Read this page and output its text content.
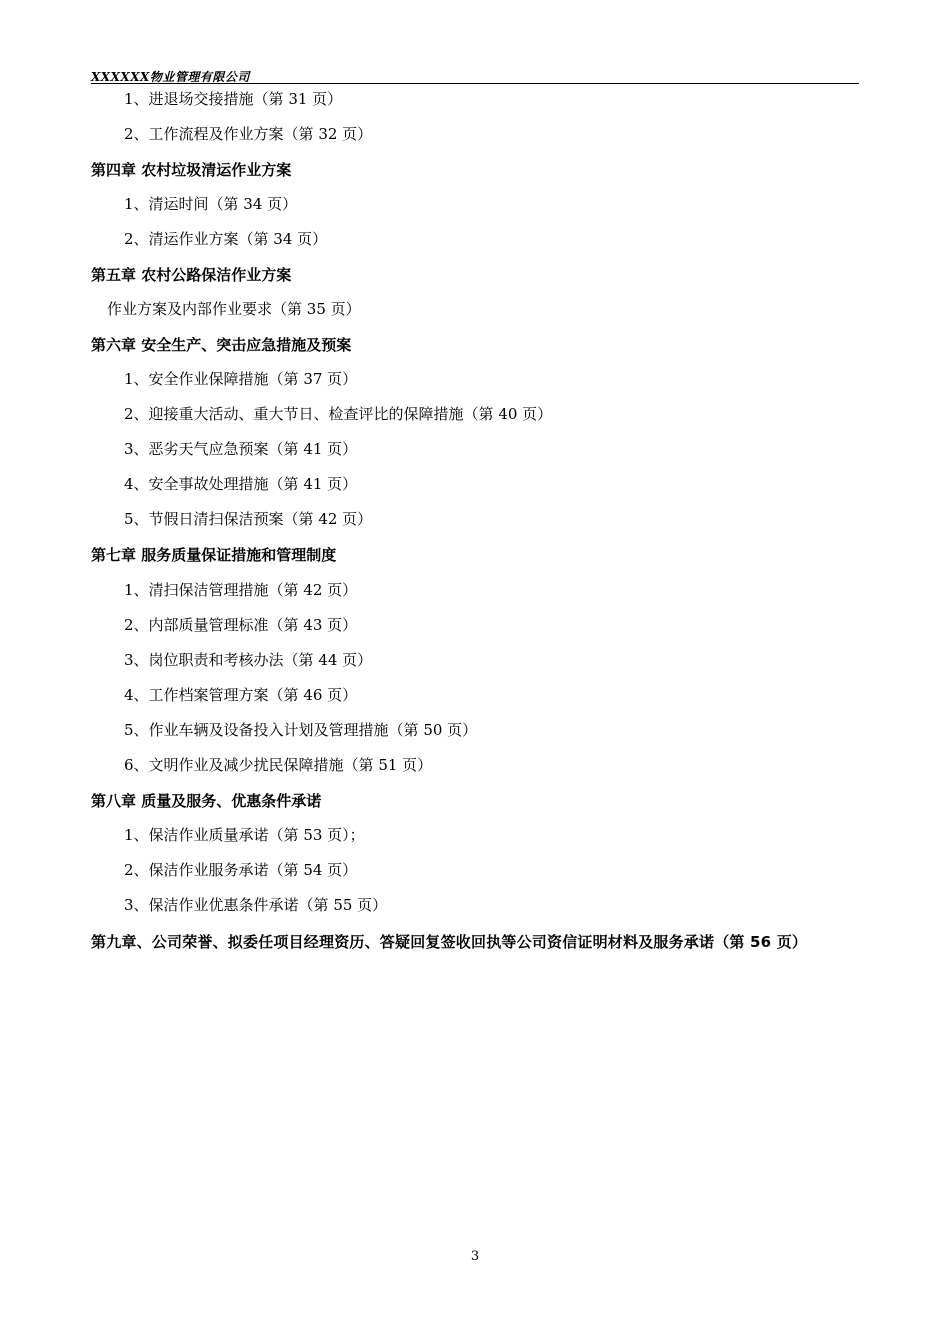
XXXXXX物业管理有限公司
1、进退场交接措施（第 31 页）
2、工作流程及作业方案（第 32 页）
第四章 农村垃圾清运作业方案
1、清运时间（第 34 页）
2、清运作业方案（第 34 页）
第五章 农村公路保洁作业方案
作业方案及内部作业要求（第 35 页）
第六章 安全生产、突击应急措施及预案
1、安全作业保障措施（第 37 页）
2、迎接重大活动、重大节日、检查评比的保障措施（第 40 页）
3、恶劣天气应急预案（第 41 页）
4、安全事故处理措施（第 41 页）
5、节假日清扫保洁预案（第 42 页）
第七章 服务质量保证措施和管理制度
1、清扫保洁管理措施（第 42 页）
2、内部质量管理标准（第 43 页）
3、岗位职责和考核办法（第 44 页）
4、工作档案管理方案（第 46 页）
5、作业车辆及设备投入计划及管理措施（第 50 页）
6、文明作业及减少扰民保障措施（第 51 页）
第八章 质量及服务、优惠条件承诺
1、保洁作业质量承诺（第 53 页）；
2、保洁作业服务承诺（第 54 页）
3、保洁作业优惠条件承诺（第 55 页）
第九章、公司荣誉、拟委任项目经理资历、答疑回复签收回执等公司资信证明材料及服务承诺（第 56 页）
3
